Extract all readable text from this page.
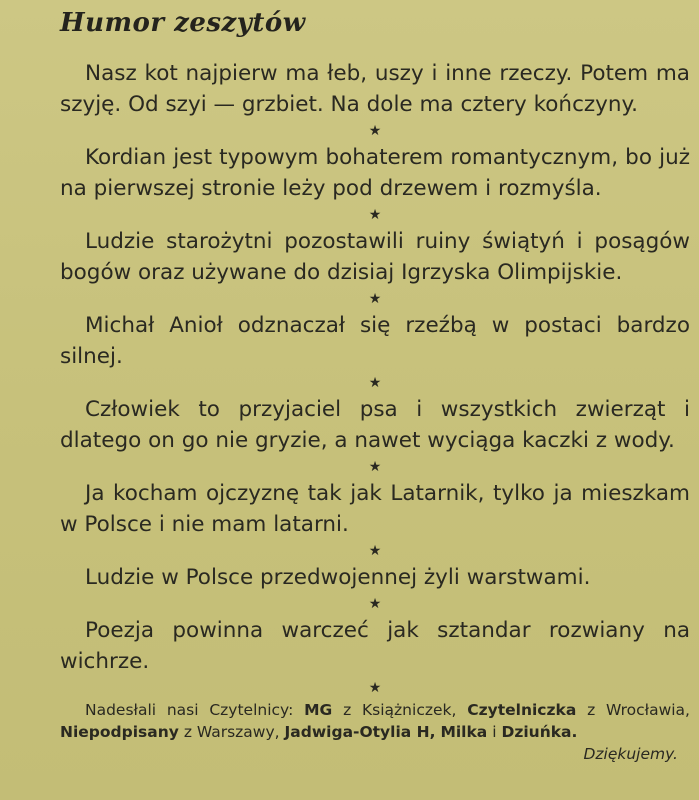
Humor zeszytów

Nasz kot najpierw ma łeb, uszy i inne rzeczy. Potem ma szyję. Od szyi — grzbiet. Na dole ma cztery kończyny.

★

Kordian jest typowym bohaterem romantycznym, bo już na pierwszej stronie leży pod drzewem i rozmyśla.

★

Ludzie starożytni pozostawili ruiny świątyń i posągów bogów oraz używane do dzisiaj Igrzyska Olimpijskie.

★

Michał Anioł odznaczał się rzeźbą w postaci bardzo silnej.

★

Człowiek to przyjaciel psa i wszystkich zwierząt i dlatego on go nie gryzie, a nawet wyciąga kaczki z wody.

★

Ja kocham ojczyznę tak jak Latarnik, tylko ja mieszkam w Polsce i nie mam latarni.

★

Ludzie w Polsce przedwojennej żyli warstwami.

★

Poezja powinna warczeć jak sztandar rozwiany na wichrze.

★

Nadesłali nasi Czytelnicy: MG z Książniczek, Czytelniczka z Wrocławia, Niepodpisany z Warszawy, Jadwiga-Otylia H, Milka i Dziuńka.
Dziękujemy.
